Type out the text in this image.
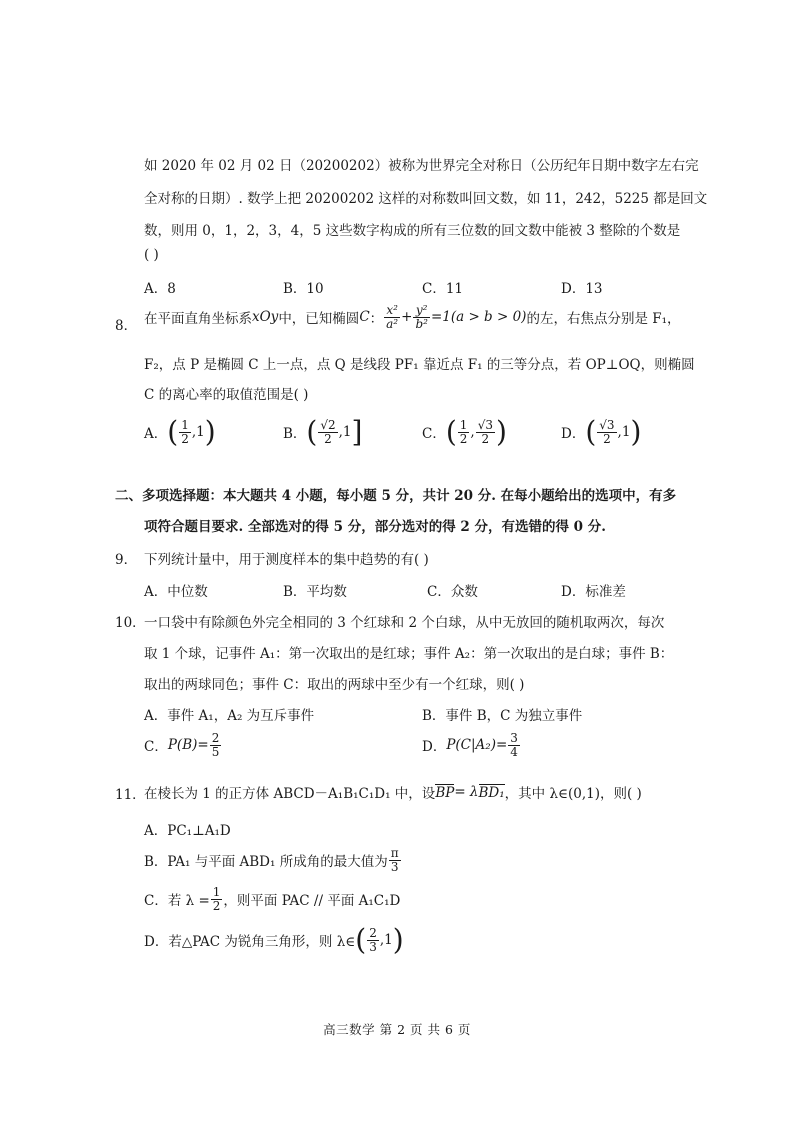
如 2020 年 02 月 02 日（20200202）被称为世界完全对称日（公历纪年日期中数字左右完
全对称的日期）. 数学上把 20200202 这样的对称数叫回文数，如 11，242，5225 都是回文
数，则用 0，1，2，3，4，5 这些数字构成的所有三位数的回文数中能被 3 整除的个数是
( )
A．8	B．10	C．11	D．13
8． 在平面直角坐标系 xOy 中，已知椭圆 C ： $\frac{\text{x²}}{\text{a²}} + \frac{\text{y²}}{\text{b²}} =1(a > b > 0)$ 的左，右焦点分别是 F₁，
F₂，点 P 是椭圆 C 上一点，点 Q 是线段 PF₁ 靠近点 F₁ 的三等分点，若 OP⊥OQ，则椭圆
C 的离心率的取值范围是( )
A． ( $\frac{1}{2} ,1$ )	B． ( $\frac{√2}{2} ,1$ ]	C． ( $\frac{1}{2}$ , $\frac{√3}{2}$ )	D． ( $\frac{√3}{2} ,1$ )
二、多项选择题：本大题共 4 小题，每小题 5 分，共计 20 分. 在每小题给出的选项中，有多
项符合题目要求. 全部选对的得 5 分，部分选对的得 2 分，有选错的得 0 分.
9． 下列统计量中，用于测度样本的集中趋势的有( )
A．中位数	B．平均数	C．众数	D．标准差
10．
一口袋中有除颜色外完全相同的 3 个红球和 2 个白球，从中无放回的随机取两次，每次
取 1 个球，记事件 A₁：第一次取出的是红球；事件 A₂：第一次取出的是白球；事件 B：
取出的两球同色；事件 C：取出的两球中至少有一个红球，则( )
A．事件 A₁，A₂ 为互斥事件	B．事件 B，C 为独立事件
C． $P(B)= \frac{2}{5}$	D． $P(C|A_2)= \frac{3}{4}$
11．
在棱长为 1 的正方体 ABCD－A₁B₁C₁D₁ 中，设 BP = λ BD₁ ，其中 λ∈(0,1)，则( )
A．PC₁⊥A₁D
B．PA₁ 与平面 ABD₁ 所成角的最大值为 $\frac{\pi}{3}$
C．若 $\lambda = \frac{1}{2}$ ，则平面 PAC // 平面 A₁C₁D
D．若△PAC 为锐角三角形，则 λ∈ ( $\frac{2}{3} ,1$ )
高三数学 第 2 页 共 6 页
